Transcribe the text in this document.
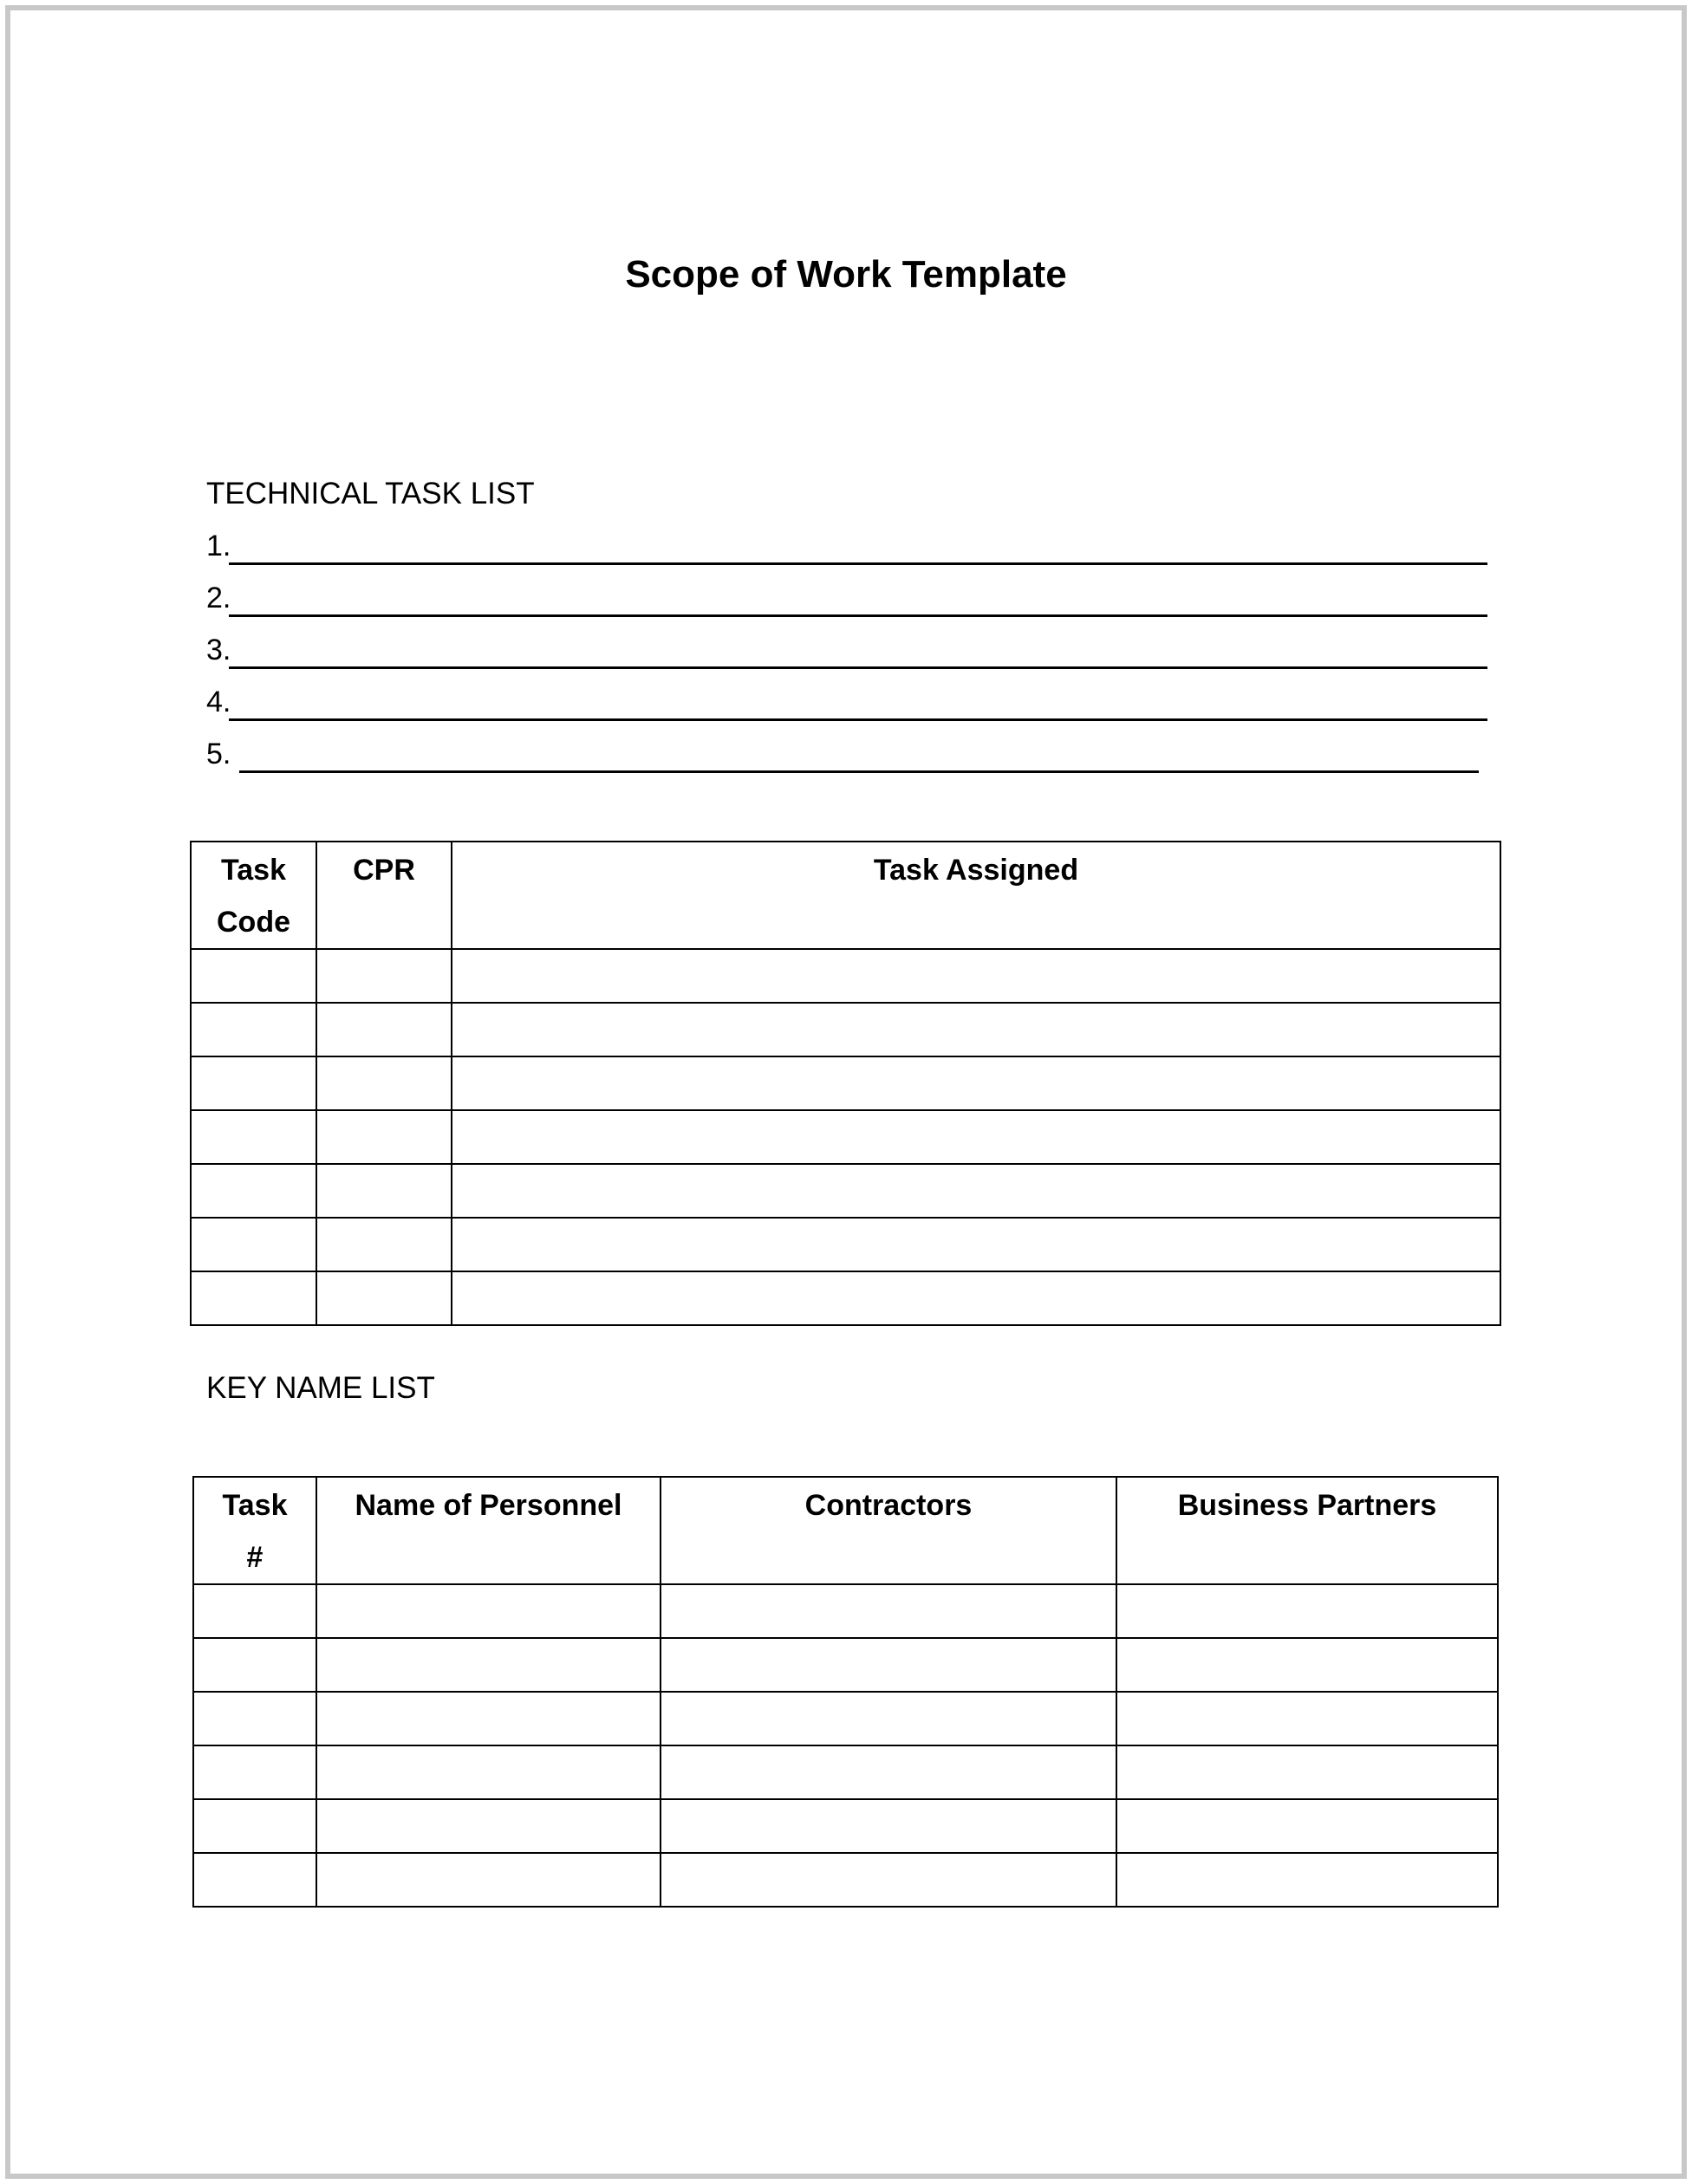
Scope of Work Template
TECHNICAL TASK LIST
1.
2.
3.
4.
5.
Task
Code	CPR	Task Assigned

KEY NAME LIST
Task
#	Name of Personnel	Contractors	Business Partners
